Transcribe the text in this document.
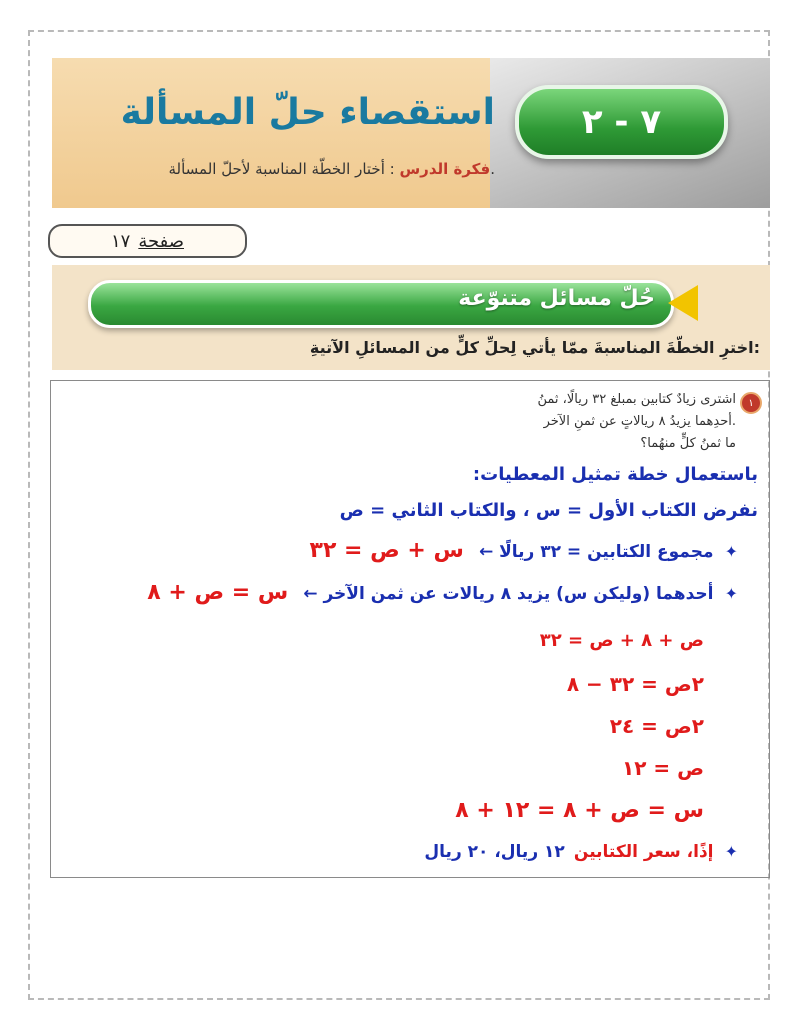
٧ - ٢
استقصاء حلّ المسألة
فكرة الدرس : أختار الخطّة المناسبة لأحلّ المسألة.
١٧ صفحة
حُلّ مسائل متنوّعة
اخترِ الخطّةَ المناسبةَ ممّا يأتي لِحلِّ كلٍّ من المسائلِ الآتيةِ:
١
اشترى زيادٌ كتابين بمبلغ ٣٢ ريالًا، ثمنُ
أحدِهما يزيدُ ٨ ريالاتٍ عن ثمنِ الآخر.
ما ثمنُ كلٍّ منهُما؟
باستعمال خطة تمثيل المعطيات:
نفرض الكتاب الأول = س ، والكتاب الثاني = ص
✦ مجموع الكتابين = ٣٢ ريالًا ← س + ص = ٣٢
✦ أحدهما (وليكن س) يزيد ٨ ريالات عن ثمن الآخر ← س = ص + ٨
ص + ٨ + ص = ٣٢
٢ص = ٣٢ − ٨
٢ص = ٢٤
ص = ١٢
س = ص + ٨ = ١٢ + ٨
✦ إذًا، سعر الكتابين ١٢ ريال، ٢٠ ريال
